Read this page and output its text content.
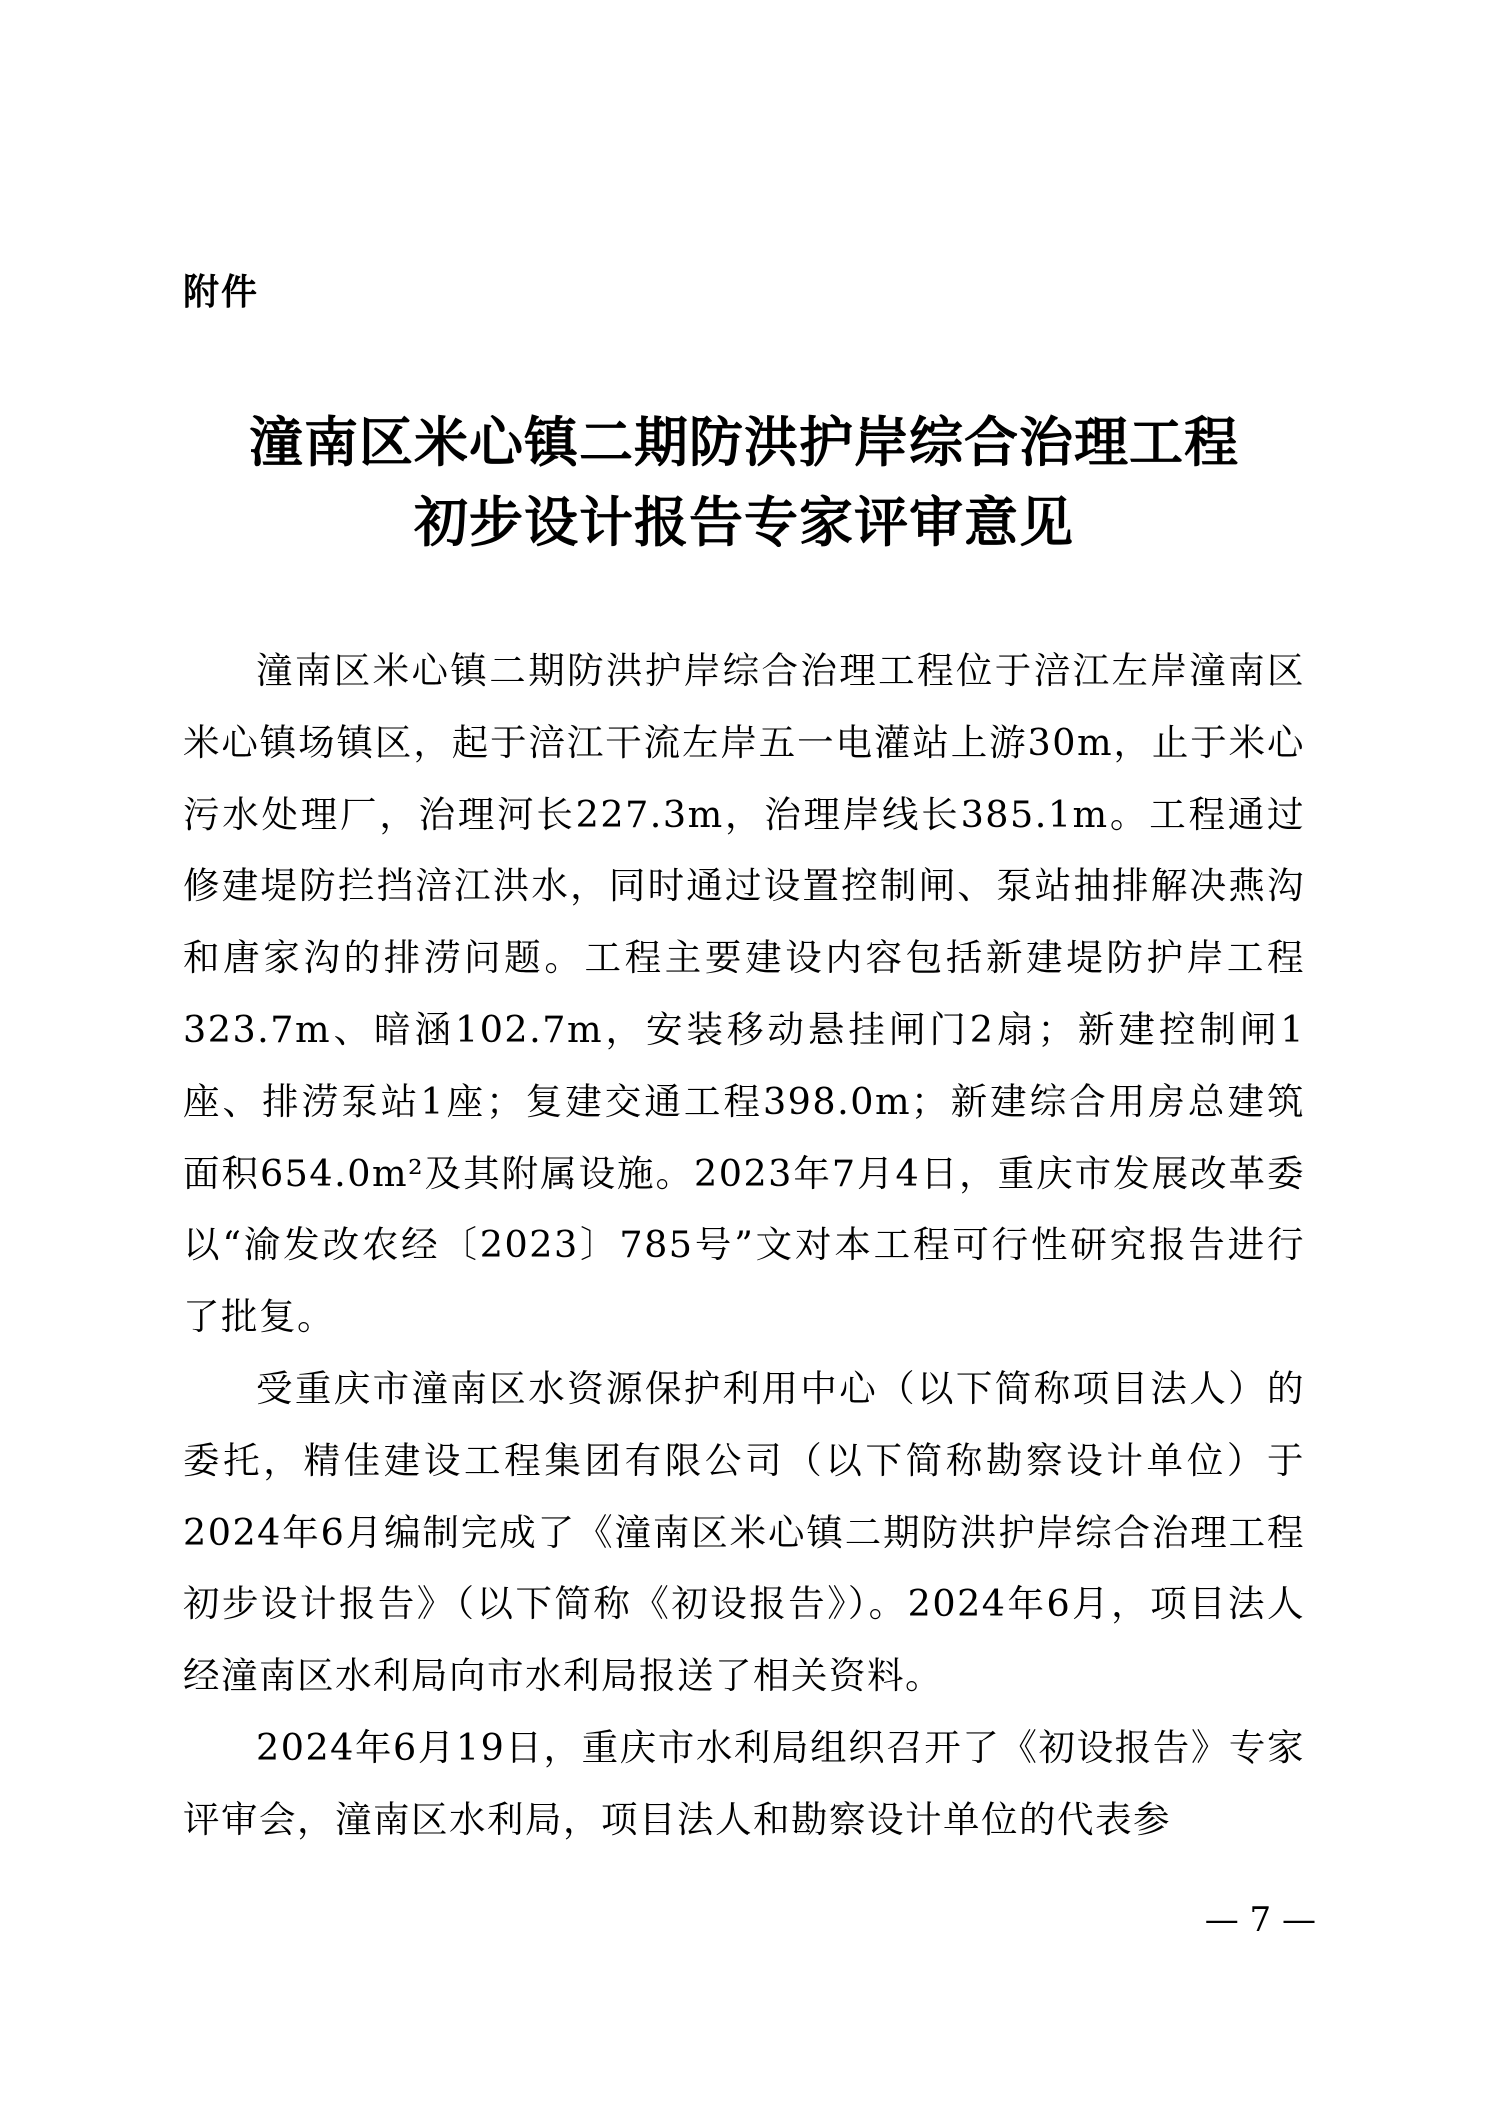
附件
潼南区米心镇二期防洪护岸综合治理工程
初步设计报告专家评审意见

潼南区米心镇二期防洪护岸综合治理工程位于涪江左岸潼南区米心镇场镇区，起于涪江干流左岸五一电灌站上游30m，止于米心污水处理厂，治理河长227.3m，治理岸线长385.1m。工程通过修建堤防拦挡涪江洪水，同时通过设置控制闸、泵站抽排解决燕沟和唐家沟的排涝问题。工程主要建设内容包括新建堤防护岸工程323.7m、暗涵102.7m，安装移动悬挂闸门2扇；新建控制闸1座、排涝泵站1座；复建交通工程398.0m；新建综合用房总建筑面积654.0m²及其附属设施。2023年7月4日，重庆市发展改革委以“渝发改农经〔2023〕785号”文对本工程可行性研究报告进行了批复。

受重庆市潼南区水资源保护利用中心（以下简称项目法人）的委托，精佳建设工程集团有限公司（以下简称勘察设计单位）于2024年6月编制完成了《潼南区米心镇二期防洪护岸综合治理工程初步设计报告》（以下简称《初设报告》）。2024年6月，项目法人经潼南区水利局向市水利局报送了相关资料。

2024年6月19日，重庆市水利局组织召开了《初设报告》专家评审会，潼南区水利局，项目法人和勘察设计单位的代表参

— 7 —
